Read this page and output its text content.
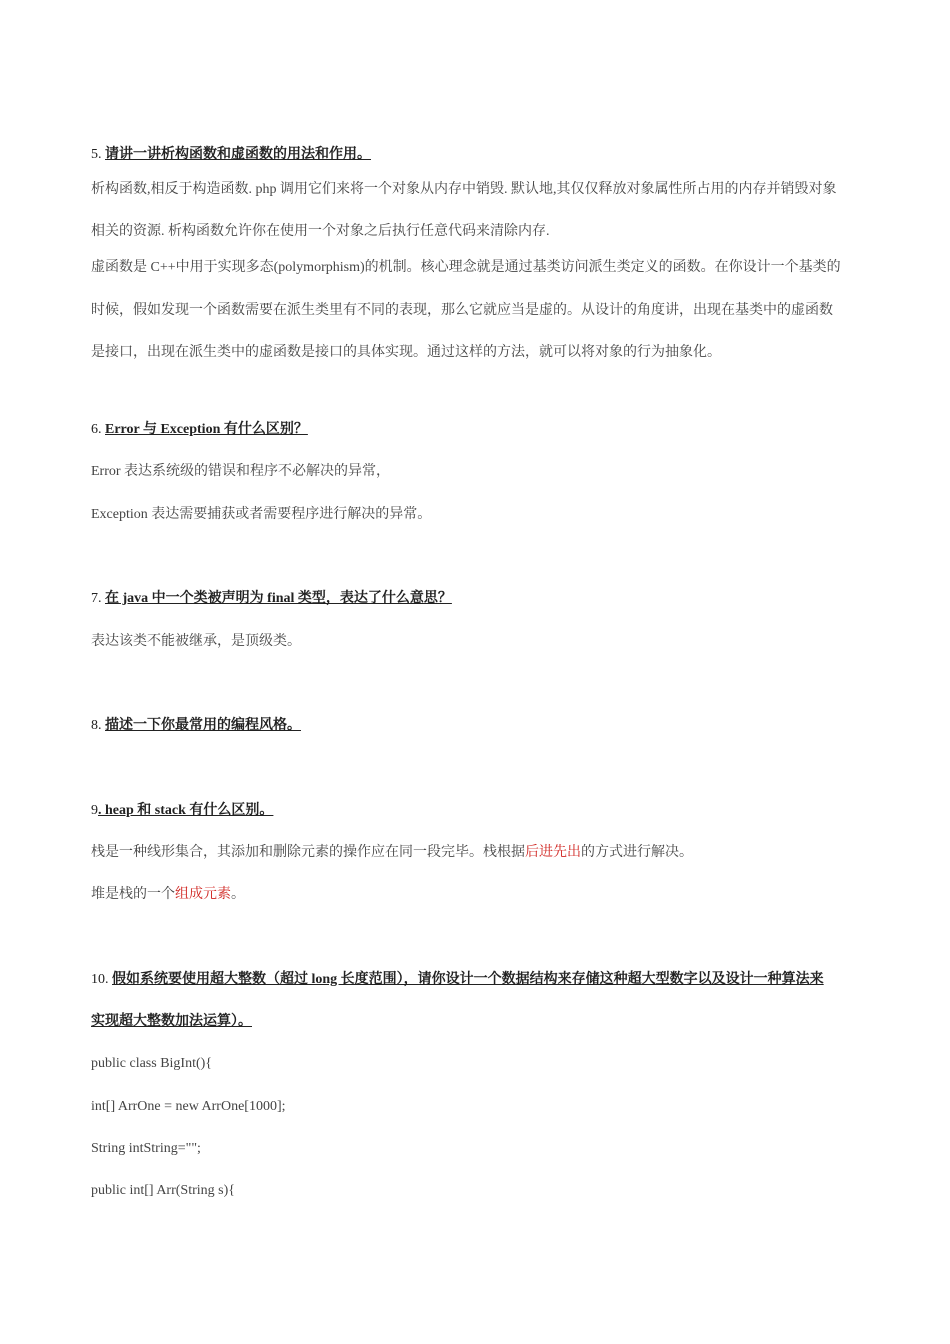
5. 请讲一讲析构函数和虚函数的用法和作用。
析构函数,相反于构造函数. php 调用它们来将一个对象从内存中销毁. 默认地,其仅仅释放对象属性所占用的内存并销毁对象
相关的资源. 析构函数允许你在使用一个对象之后执行任意代码来清除内存.
虚函数是 C++中用于实现多态(polymorphism)的机制。核心理念就是通过基类访问派生类定义的函数。在你设计一个基类的
时候，假如发现一个函数需要在派生类里有不同的表现，那么它就应当是虚的。从设计的角度讲，出现在基类中的虚函数
是接口，出现在派生类中的虚函数是接口的具体实现。通过这样的方法，就可以将对象的行为抽象化。
6. Error 与 Exception 有什么区别？
Error 表达系统级的错误和程序不必解决的异常，
Exception 表达需要捕获或者需要程序进行解决的异常。
7. 在 java 中一个类被声明为 final 类型，表达了什么意思？
表达该类不能被继承，是顶级类。
8. 描述一下你最常用的编程风格。
9. heap 和 stack 有什么区别。
栈是一种线形集合，其添加和删除元素的操作应在同一段完毕。栈根据后进先出的方式进行解决。
堆是栈的一个组成元素。
10. 假如系统要使用超大整数（超过 long 长度范围），请你设计一个数据结构来存储这种超大型数字以及设计一种算法来
实现超大整数加法运算）。
public class BigInt(){
int[] ArrOne = new ArrOne[1000];
String intString="";
public int[] Arr(String s){
